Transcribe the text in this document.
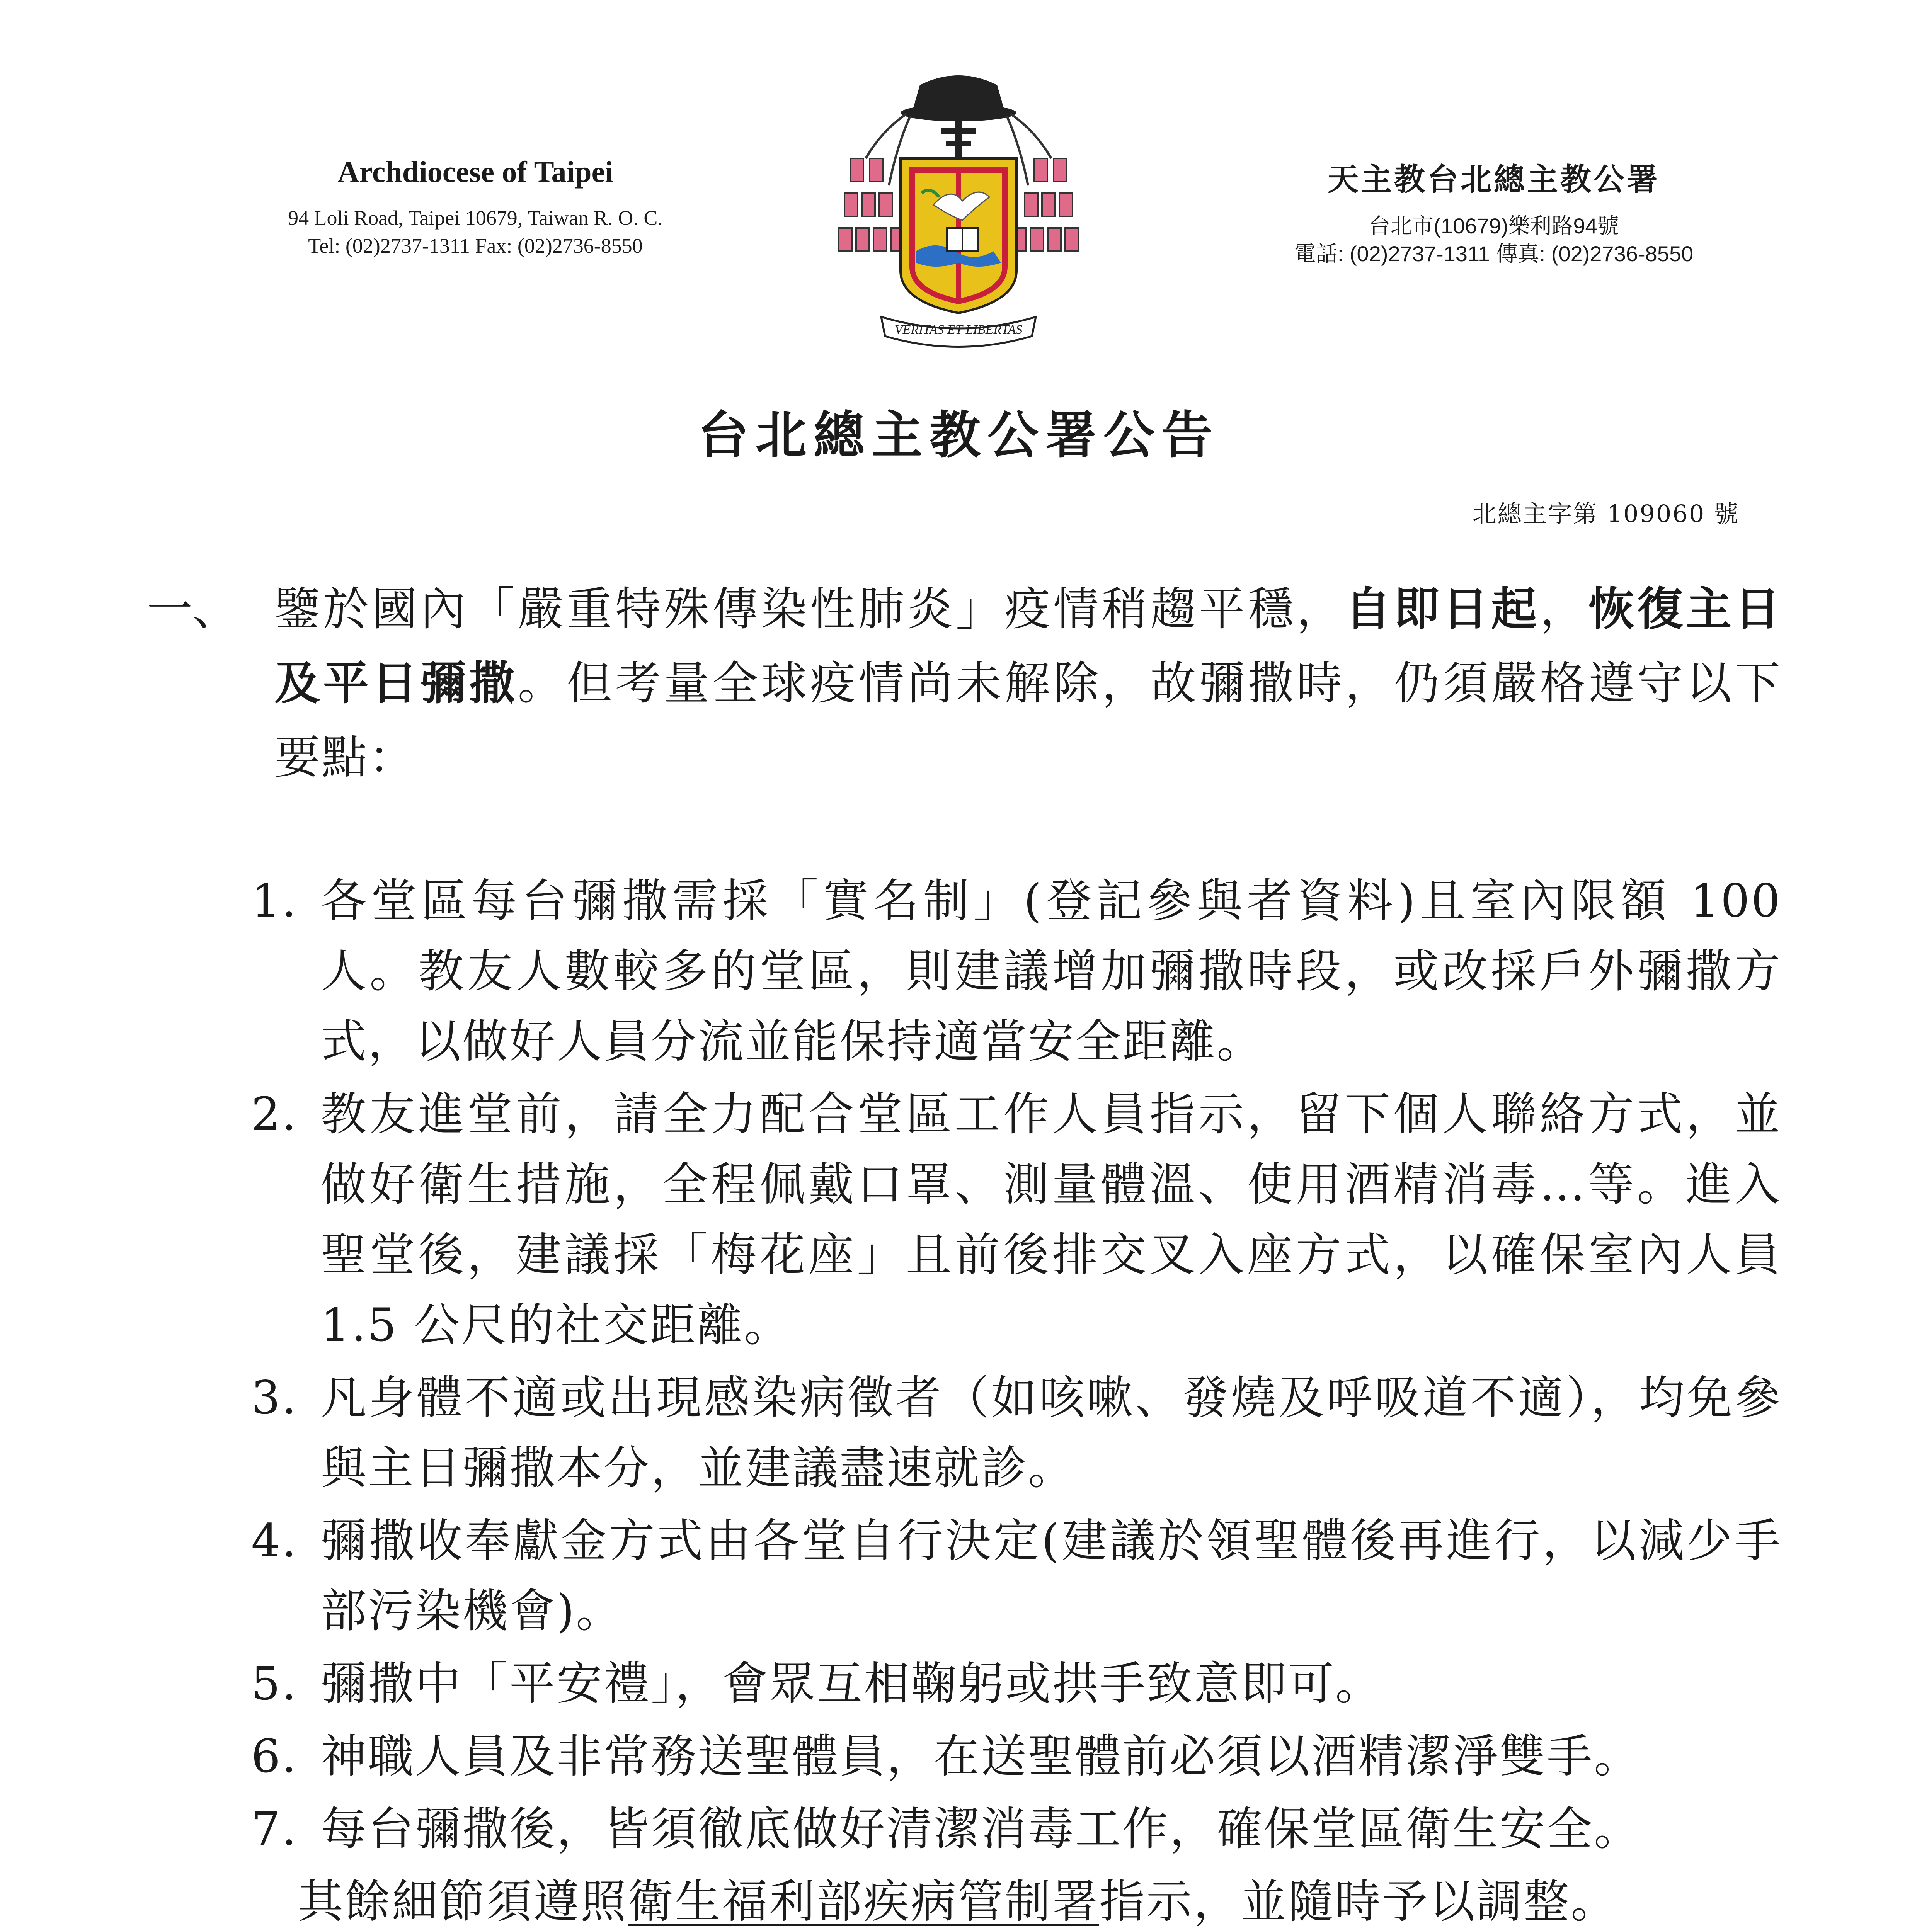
Archdiocese of Taipei
94 Loli Road, Taipei 10679, Taiwan R. O. C.
Tel: (02)2737-1311 Fax: (02)2736-8550
VERITAS ET LIBERTAS
天主教台北總主教公署
台北市(10679)樂利路94號
電話: (02)2737-1311 傳真: (02)2736-8550
台北總主教公署公告
北總主字第 109060 號
一、 鑒於國內「嚴重特殊傳染性肺炎」疫情稍趨平穩，自即日起，恢復主日及平日彌撒。但考量全球疫情尚未解除，故彌撒時，仍須嚴格遵守以下要點：
1. 各堂區每台彌撒需採「實名制」(登記參與者資料)且室內限額 100 人。教友人數較多的堂區，則建議增加彌撒時段，或改採戶外彌撒方式，以做好人員分流並能保持適當安全距離。
2. 教友進堂前，請全力配合堂區工作人員指示，留下個人聯絡方式，並做好衛生措施，全程佩戴口罩、測量體溫、使用酒精消毒…等。進入聖堂後，建議採「梅花座」且前後排交叉入座方式，以確保室內人員 1.5 公尺的社交距離。
3. 凡身體不適或出現感染病徵者（如咳嗽、發燒及呼吸道不適），均免參與主日彌撒本分，並建議盡速就診。
4. 彌撒收奉獻金方式由各堂自行決定(建議於領聖體後再進行，以減少手部污染機會)。
5. 彌撒中「平安禮」，會眾互相鞠躬或拱手致意即可。
6. 神職人員及非常務送聖體員，在送聖體前必須以酒精潔淨雙手。
7. 每台彌撒後，皆須徹底做好清潔消毒工作，確保堂區衛生安全。
其餘細節須遵照衛生福利部疾病管制署指示，並隨時予以調整。
